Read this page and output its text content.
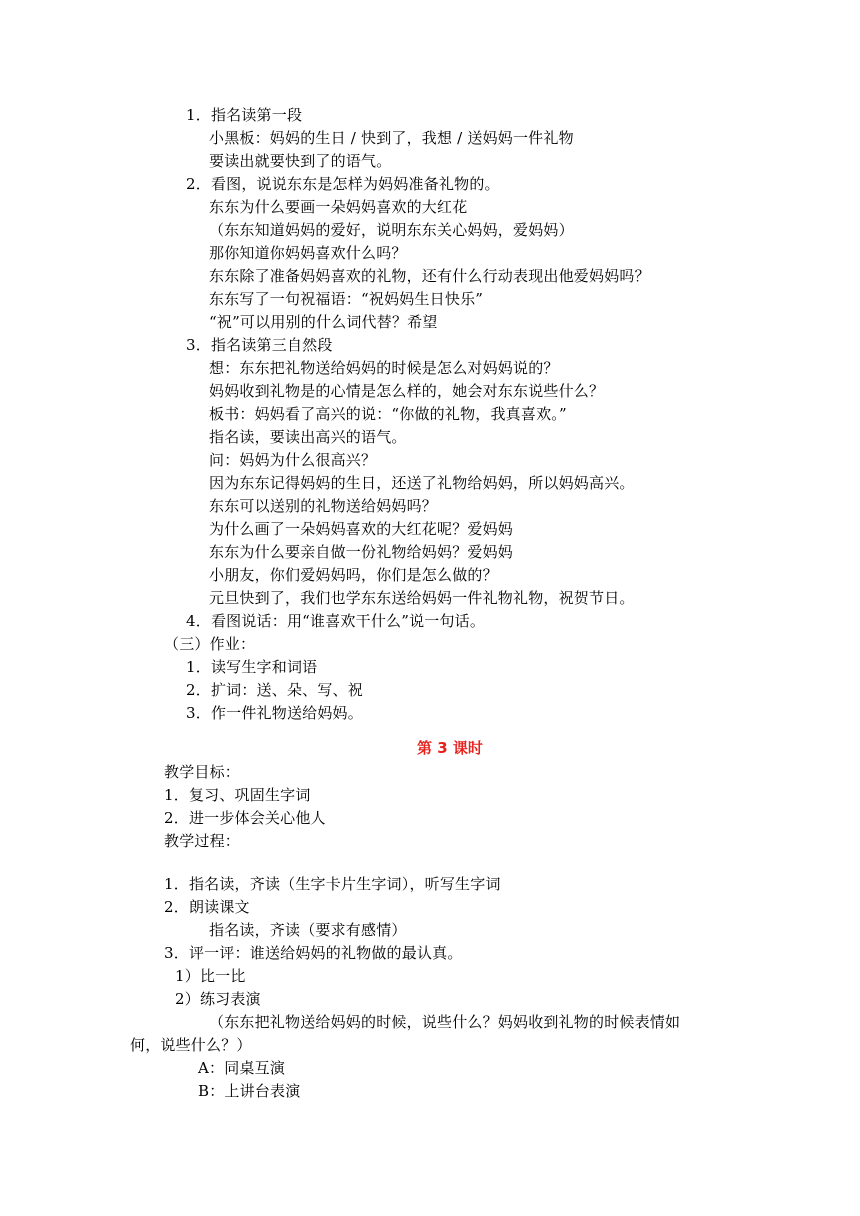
1．指名读第一段
小黑板：妈妈的生日 / 快到了，我想 / 送妈妈一件礼物
要读出就要快到了的语气。
2．看图，说说东东是怎样为妈妈准备礼物的。
东东为什么要画一朵妈妈喜欢的大红花
（东东知道妈妈的爱好，说明东东关心妈妈，爱妈妈）
那你知道你妈妈喜欢什么吗？
东东除了准备妈妈喜欢的礼物，还有什么行动表现出他爱妈妈吗？
东东写了一句祝福语：“祝妈妈生日快乐”
“祝”可以用别的什么词代替？希望
3．指名读第三自然段
想：东东把礼物送给妈妈的时候是怎么对妈妈说的？
妈妈收到礼物是的心情是怎么样的，她会对东东说些什么？
板书：妈妈看了高兴的说：“你做的礼物，我真喜欢。”
指名读，要读出高兴的语气。
问：妈妈为什么很高兴？
因为东东记得妈妈的生日，还送了礼物给妈妈，所以妈妈高兴。
东东可以送别的礼物送给妈妈吗？
为什么画了一朵妈妈喜欢的大红花呢？爱妈妈
东东为什么要亲自做一份礼物给妈妈？爱妈妈
小朋友，你们爱妈妈吗，你们是怎么做的？
元旦快到了，我们也学东东送给妈妈一件礼物礼物，祝贺节日。
4．看图说话：用“谁喜欢干什么”说一句话。
（三）作业：
1．读写生字和词语
2．扩词：送、朵、写、祝
3．作一件礼物送给妈妈。
第 3 课时
教学目标：
1．复习、巩固生字词
2．进一步体会关心他人
教学过程：
1．指名读，齐读（生字卡片生字词），听写生字词
2．朗读课文
指名读，齐读（要求有感情）
3．评一评：谁送给妈妈的礼物做的最认真。
1）比一比
2）练习表演
（东东把礼物送给妈妈的时候，说些什么？妈妈收到礼物的时候表情如
何，说些什么？）
A：同桌互演
B：上讲台表演
